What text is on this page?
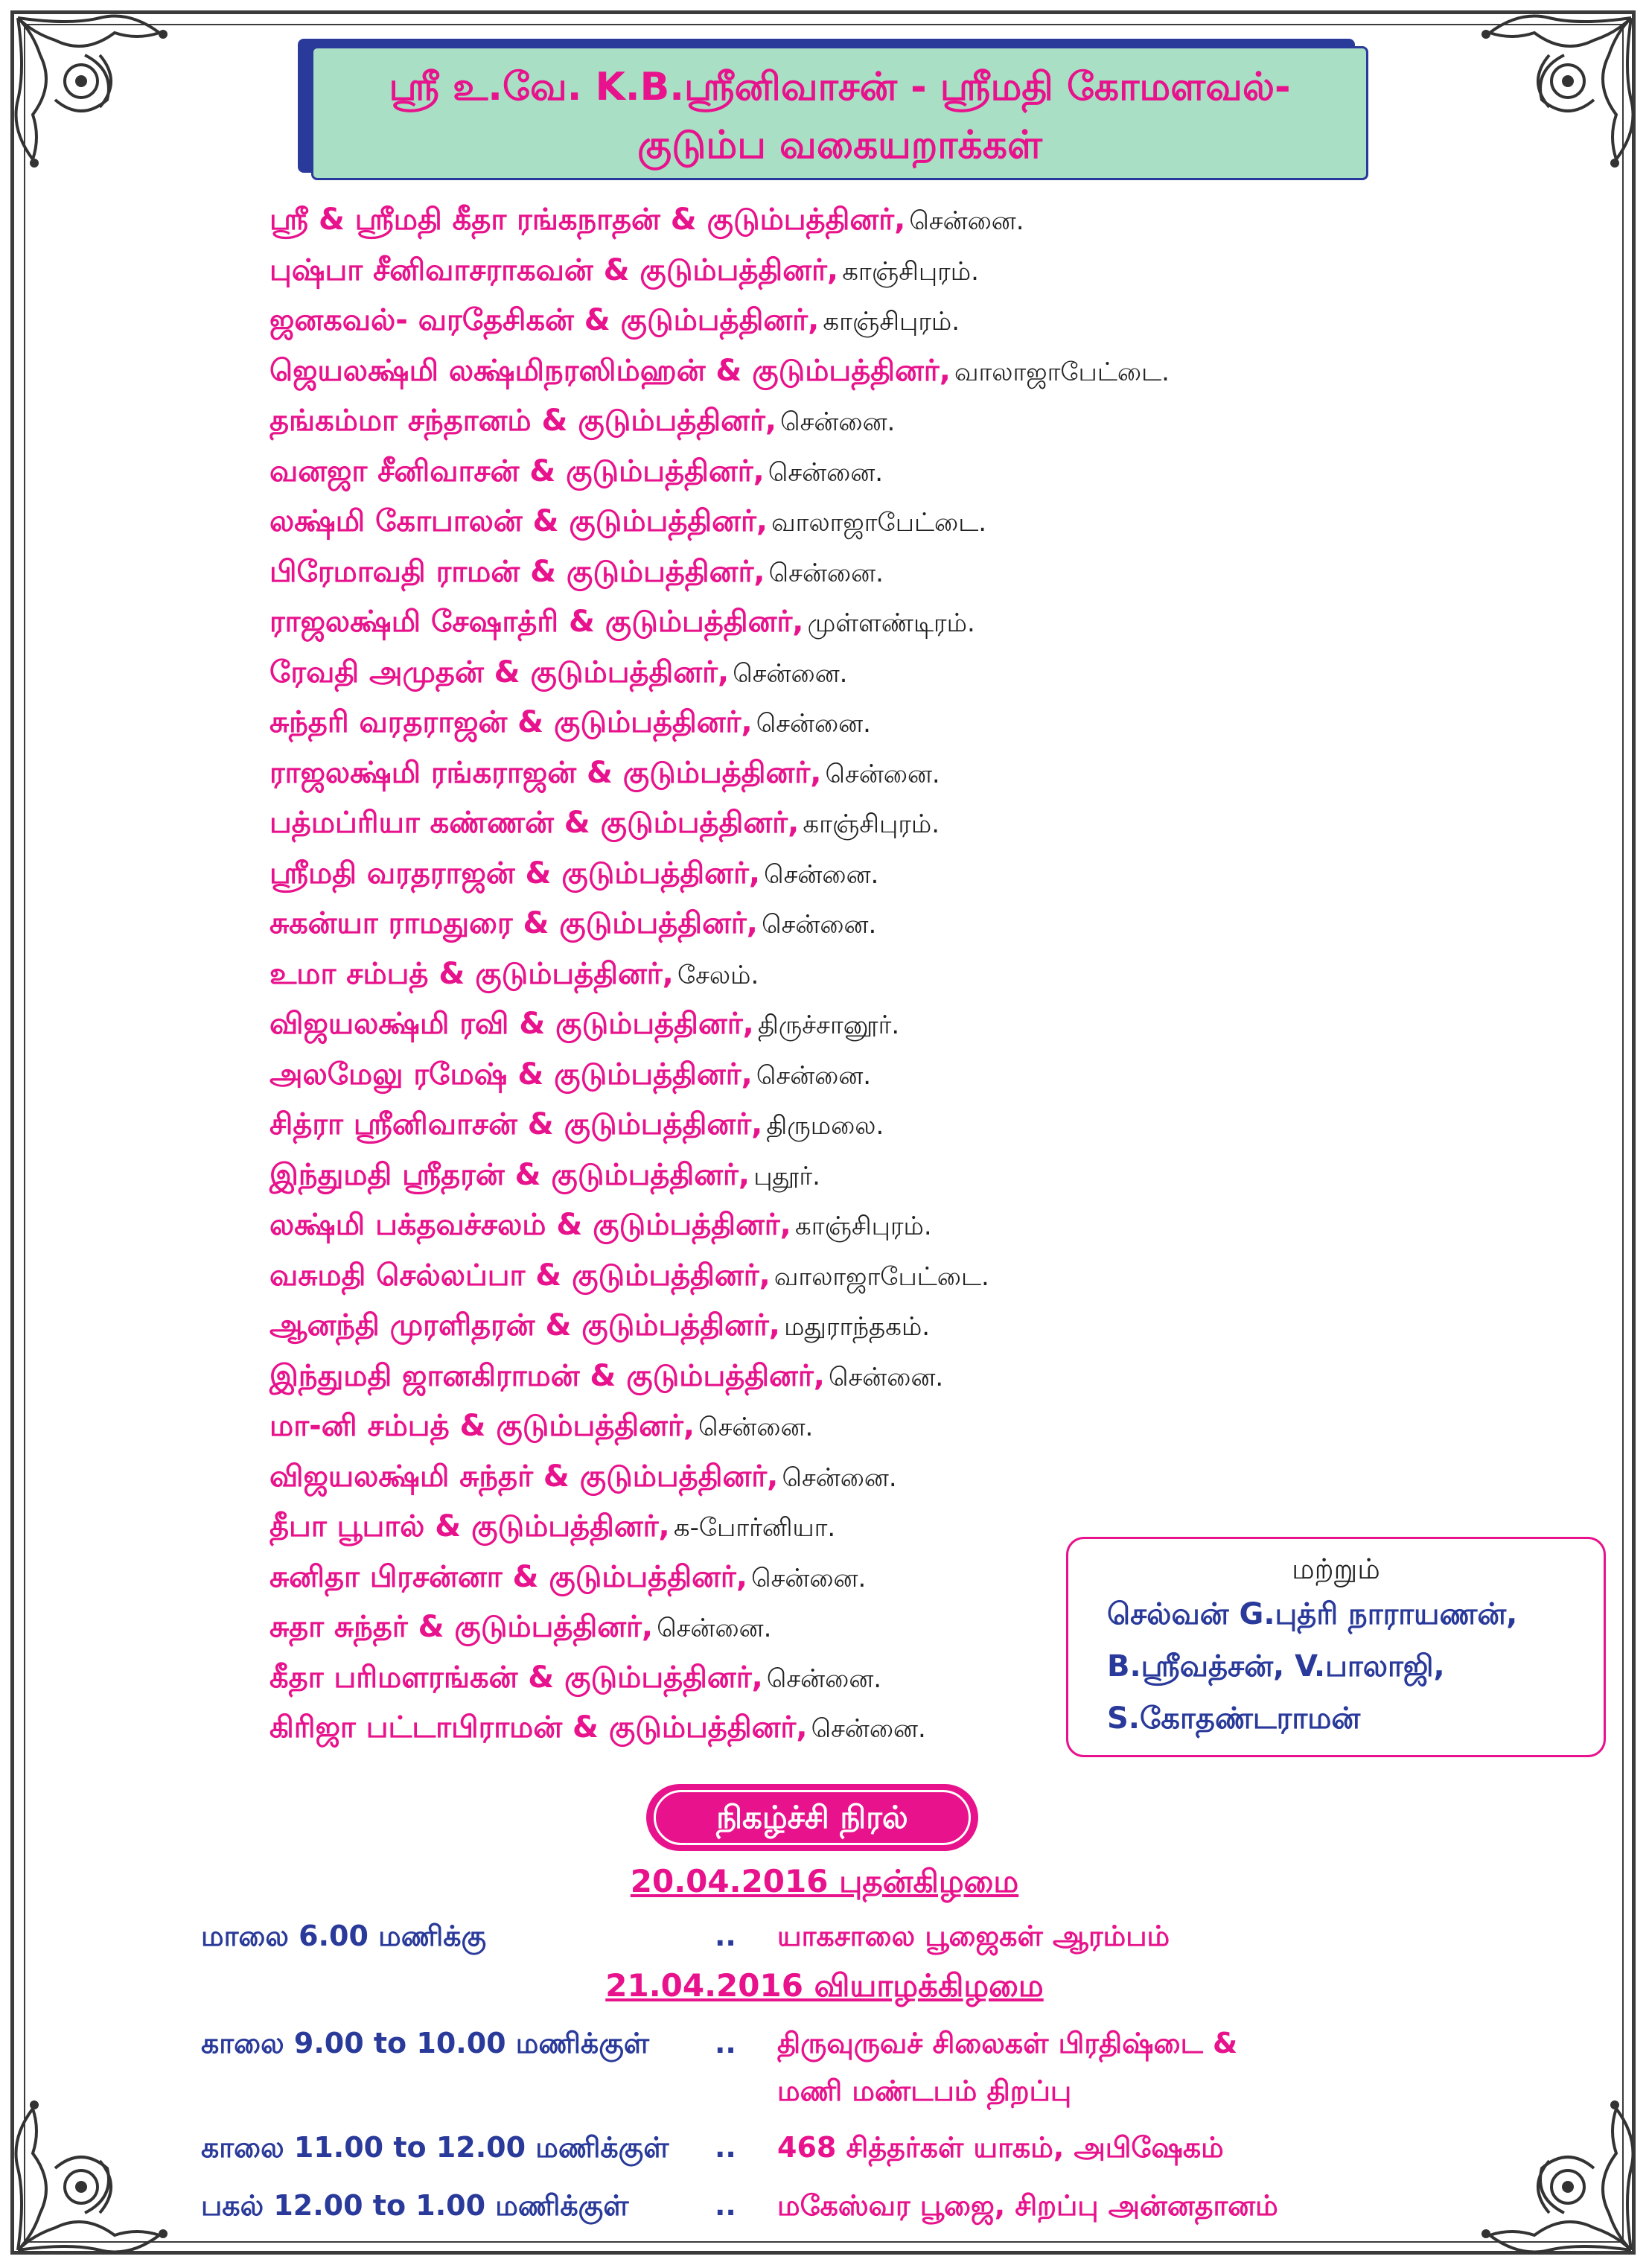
ஸ்ரீ உ.வே. K.B.ஸ்ரீனிவாசன் - ஸ்ரீமதி கோமளவல்-
குடும்ப வகையறாக்கள்
ஸ்ரீ & ஸ்ரீமதி கீதா ரங்கநாதன் & குடும்பத்தினர், சென்னை.
புஷ்பா சீனிவாசராகவன் & குடும்பத்தினர், காஞ்சிபுரம்.
ஜனகவல்- வரதேசிகன் & குடும்பத்தினர், காஞ்சிபுரம்.
ஜெயலக்ஷ்மி லக்ஷ்மிநரஸிம்ஹன் & குடும்பத்தினர், வாலாஜாபேட்டை.
தங்கம்மா சந்தானம் & குடும்பத்தினர், சென்னை.
வனஜா சீனிவாசன் & குடும்பத்தினர், சென்னை.
லக்ஷ்மி கோபாலன் & குடும்பத்தினர், வாலாஜாபேட்டை.
பிரேமாவதி ராமன் & குடும்பத்தினர், சென்னை.
ராஜலக்ஷ்மி சேஷாத்ரி & குடும்பத்தினர், முள்ளண்டிரம்.
ரேவதி அமுதன் & குடும்பத்தினர், சென்னை.
சுந்தரி வரதராஜன் & குடும்பத்தினர், சென்னை.
ராஜலக்ஷ்மி ரங்கராஜன் & குடும்பத்தினர், சென்னை.
பத்மப்ரியா கண்ணன் & குடும்பத்தினர், காஞ்சிபுரம்.
ஸ்ரீமதி வரதராஜன் & குடும்பத்தினர், சென்னை.
சுகன்யா ராமதுரை & குடும்பத்தினர், சென்னை.
உமா சம்பத் & குடும்பத்தினர், சேலம்.
விஜயலக்ஷ்மி ரவி & குடும்பத்தினர், திருச்சானூர்.
அலமேலு ரமேஷ் & குடும்பத்தினர், சென்னை.
சித்ரா ஸ்ரீனிவாசன் & குடும்பத்தினர், திருமலை.
இந்துமதி ஸ்ரீதரன் & குடும்பத்தினர், புதூர்.
லக்ஷ்மி பக்தவச்சலம் & குடும்பத்தினர், காஞ்சிபுரம்.
வசுமதி செல்லப்பா & குடும்பத்தினர், வாலாஜாபேட்டை.
ஆனந்தி முரளிதரன் & குடும்பத்தினர், மதுராந்தகம்.
இந்துமதி ஜானகிராமன் & குடும்பத்தினர், சென்னை.
மா-னி சம்பத் & குடும்பத்தினர், சென்னை.
விஜயலக்ஷ்மி சுந்தர் & குடும்பத்தினர், சென்னை.
தீபா பூபால் & குடும்பத்தினர், க-போர்னியா.
சுனிதா பிரசன்னா & குடும்பத்தினர், சென்னை.
சுதா சுந்தர் & குடும்பத்தினர், சென்னை.
கீதா பரிமளரங்கன் & குடும்பத்தினர், சென்னை.
கிரிஜா பட்டாபிராமன் & குடும்பத்தினர், சென்னை.
மற்றும்
செல்வன் G.புத்ரி நாராயணன்,
B.ஸ்ரீவத்சன், V.பாலாஜி,
S.கோதண்டராமன்
நிகழ்ச்சி நிரல்
20.04.2016 புதன்கிழமை
மாலை 6.00 மணிக்கு	.. யாகசாலை பூஜைகள் ஆரம்பம்
21.04.2016 வியாழக்கிழமை
காலை 9.00 to 10.00 மணிக்குள் .. திருவுருவச் சிலைகள் பிரதிஷ்டை &
மணி மண்டபம் திறப்பு
காலை 11.00 to 12.00 மணிக்குள் .. 468 சித்தர்கள் யாகம், அபிஷேகம்
பகல் 12.00 to 1.00 மணிக்குள்	.. மகேஸ்வர பூஜை, சிறப்பு அன்னதானம்
